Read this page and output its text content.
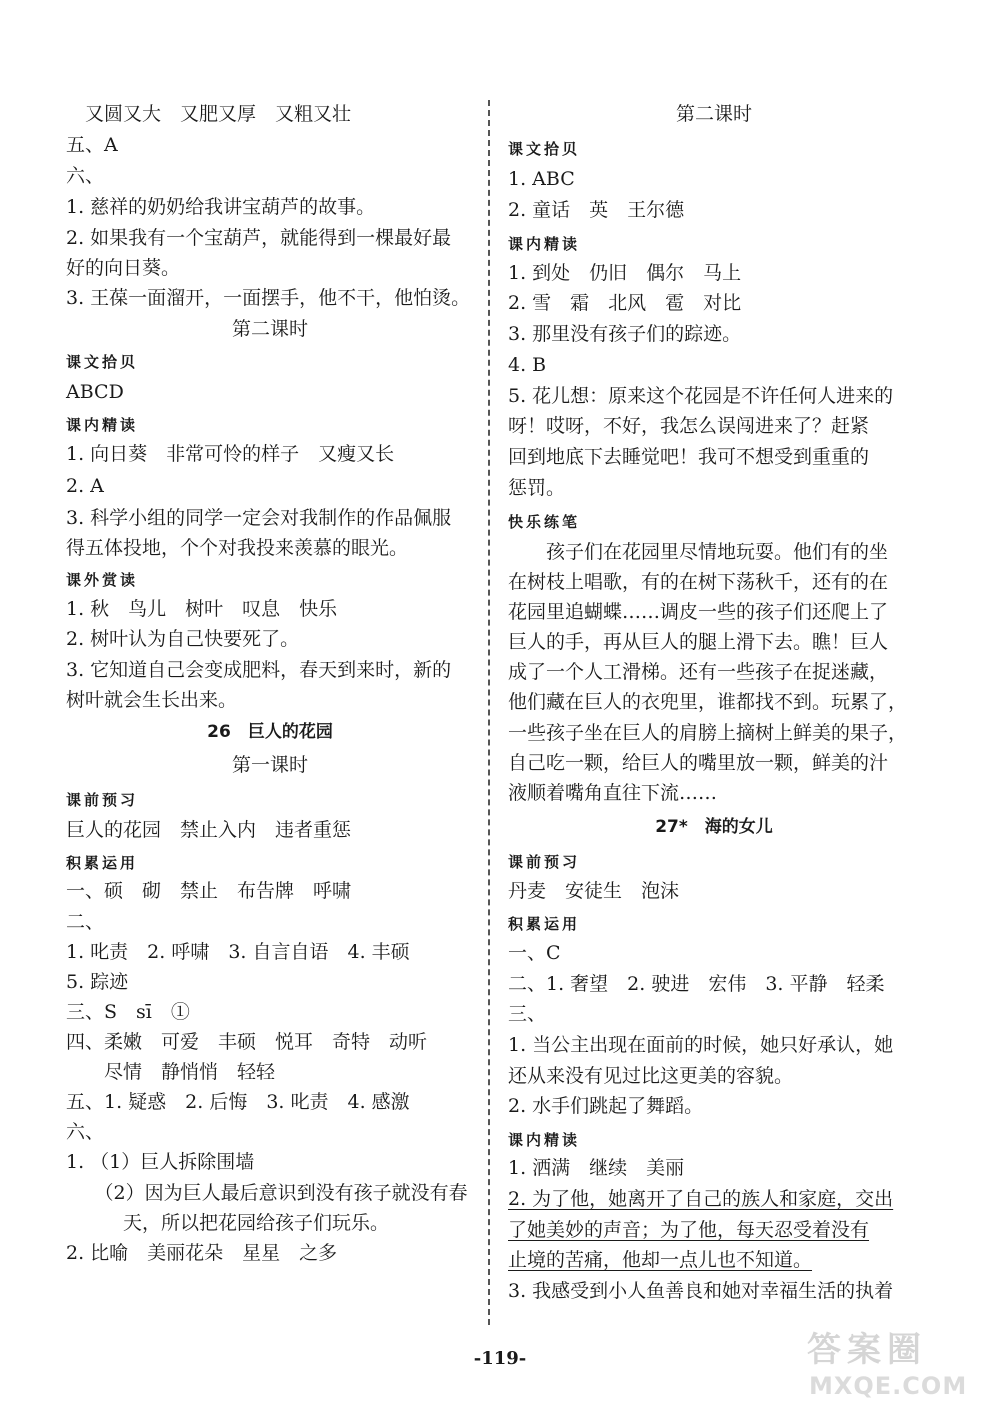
　又圆又大　又肥又厚　又粗又壮
五、A
六、
1. 慈祥的奶奶给我讲宝葫芦的故事。
2. 如果我有一个宝葫芦，就能得到一棵最好最
好的向日葵。
3. 王葆一面溜开，一面摆手，他不干，他怕烫。
第二课时
课文拾贝
ABCD
课内精读
1. 向日葵　非常可怜的样子　又瘦又长
2. A
3. 科学小组的同学一定会对我制作的作品佩服
得五体投地，个个对我投来羡慕的眼光。
课外赏读
1. 秋　鸟儿　树叶　叹息　快乐
2. 树叶认为自己快要死了。
3. 它知道自己会变成肥料，春天到来时，新的
树叶就会生长出来。
26　巨人的花园
第一课时
课前预习
巨人的花园　禁止入内　违者重惩
积累运用
一、硕　砌　禁止　布告牌　呼啸
二、
1. 叱责　2. 呼啸　3. 自言自语　4. 丰硕
5. 踪迹
三、S　sī　①
四、柔嫩　可爱　丰硕　悦耳　奇特　动听
　　尽情　静悄悄　轻轻
五、1. 疑惑　2. 后悔　3. 叱责　4. 感激
六、
1. （1）巨人拆除围墙
　　（2）因为巨人最后意识到没有孩子就没有春
　　　天，所以把花园给孩子们玩乐。
2. 比喻　美丽花朵　星星　之多
第二课时
课文拾贝
1. ABC
2. 童话　英　王尔德
课内精读
1. 到处　仍旧　偶尔　马上
2. 雪　霜　北风　雹　对比
3. 那里没有孩子们的踪迹。
4. B
5. 花儿想：原来这个花园是不许任何人进来的
呀！哎呀，不好，我怎么误闯进来了？赶紧
回到地底下去睡觉吧！我可不想受到重重的
惩罚。
快乐练笔
　　孩子们在花园里尽情地玩耍。他们有的坐
在树枝上唱歌，有的在树下荡秋千，还有的在
花园里追蝴蝶……调皮一些的孩子们还爬上了
巨人的手，再从巨人的腿上滑下去。瞧！巨人
成了一个人工滑梯。还有一些孩子在捉迷藏，
他们藏在巨人的衣兜里，谁都找不到。玩累了，
一些孩子坐在巨人的肩膀上摘树上鲜美的果子，
自己吃一颗，给巨人的嘴里放一颗，鲜美的汁
液顺着嘴角直往下流……
27*　海的女儿
课前预习
丹麦　安徒生　泡沫
积累运用
一、C
二、1. 奢望　2. 驶进　宏伟　3. 平静　轻柔
三、
1. 当公主出现在面前的时候，她只好承认，她
还从来没有见过比这更美的容貌。
2. 水手们跳起了舞蹈。
课内精读
1. 洒满　继续　美丽
2. 为了他，她离开了自己的族人和家庭，交出
了她美妙的声音；为了他，每天忍受着没有
止境的苦痛，他却一点儿也不知道。
3. 我感受到小人鱼善良和她对幸福生活的执着
-119-	答案圈
MXQE.COM
